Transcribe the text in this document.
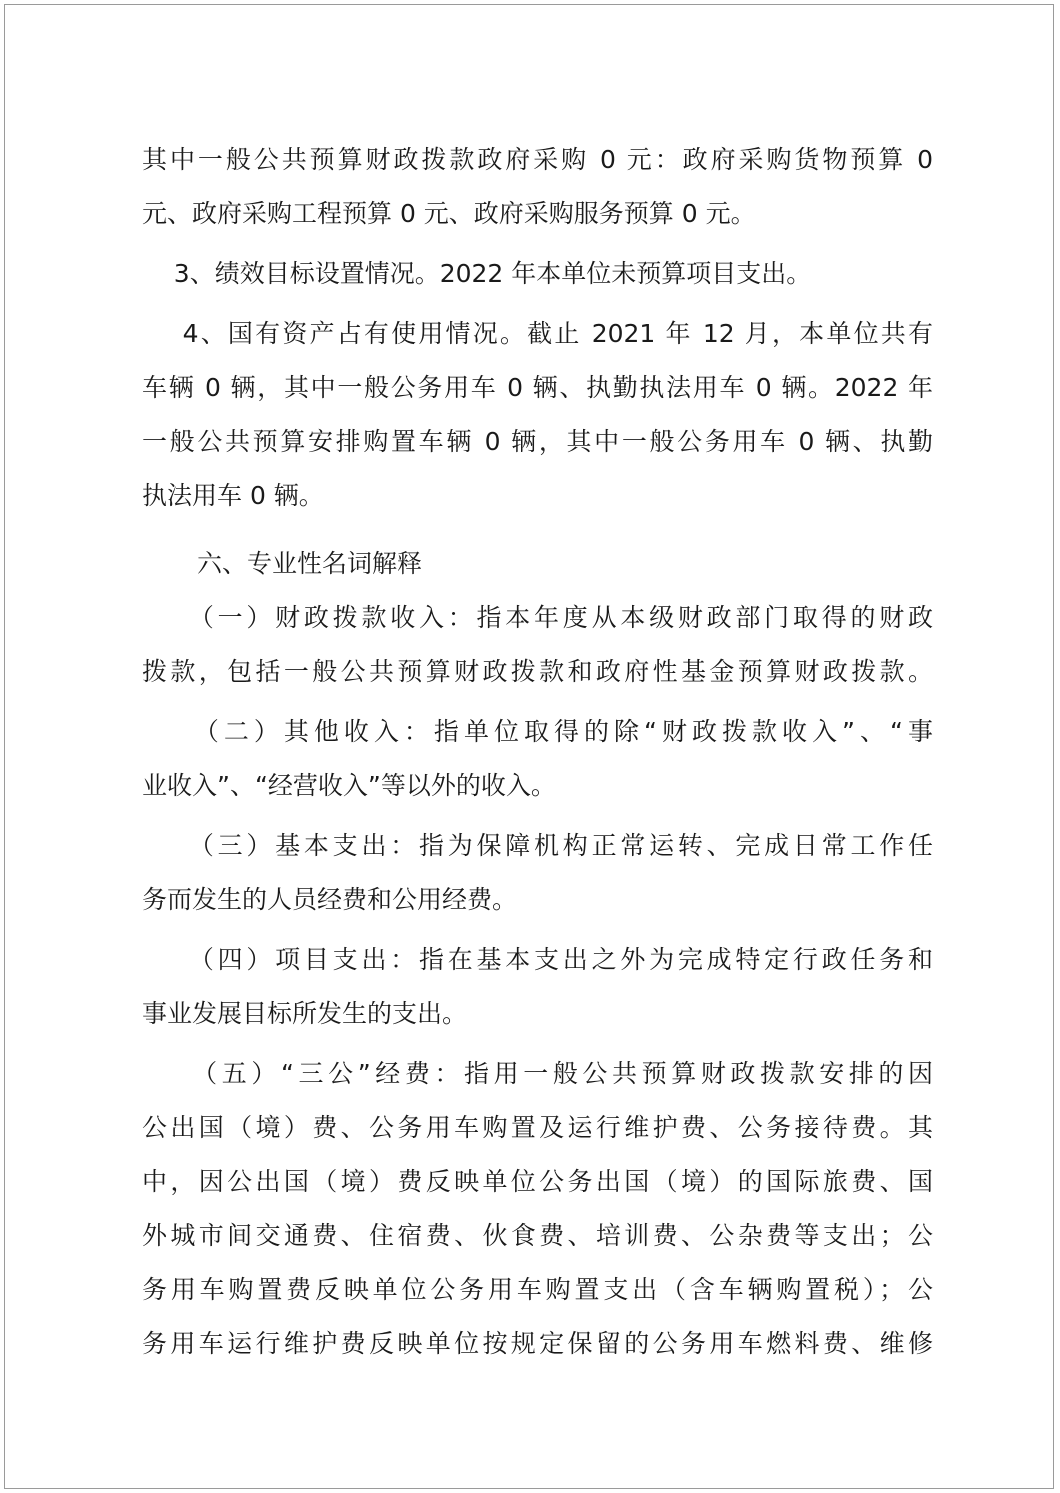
其中一般公共预算财政拨款政府采购 0 元：政府采购货物预算 0
元、政府采购工程预算 0 元、政府采购服务预算 0 元。
3、绩效目标设置情况。2022 年本单位未预算项目支出。
4、国有资产占有使用情况。截止 2021 年 12 月，本单位共有
车辆 0 辆，其中一般公务用车 0 辆、执勤执法用车 0 辆。2022 年
一般公共预算安排购置车辆 0 辆，其中一般公务用车 0 辆、执勤
执法用车 0 辆。
六、专业性名词解释
（一）财政拨款收入：指本年度从本级财政部门取得的财政
拨款，包括一般公共预算财政拨款和政府性基金预算财政拨款。
（二）其他收入：指单位取得的除“财政拨款收入”、“事
业收入”、“经营收入”等以外的收入。
（三）基本支出：指为保障机构正常运转、完成日常工作任
务而发生的人员经费和公用经费。
（四）项目支出：指在基本支出之外为完成特定行政任务和
事业发展目标所发生的支出。
（五）“三公”经费：指用一般公共预算财政拨款安排的因
公出国（境）费、公务用车购置及运行维护费、公务接待费。其
中，因公出国（境）费反映单位公务出国（境）的国际旅费、国
外城市间交通费、住宿费、伙食费、培训费、公杂费等支出；公
务用车购置费反映单位公务用车购置支出（含车辆购置税）；公
务用车运行维护费反映单位按规定保留的公务用车燃料费、维修
